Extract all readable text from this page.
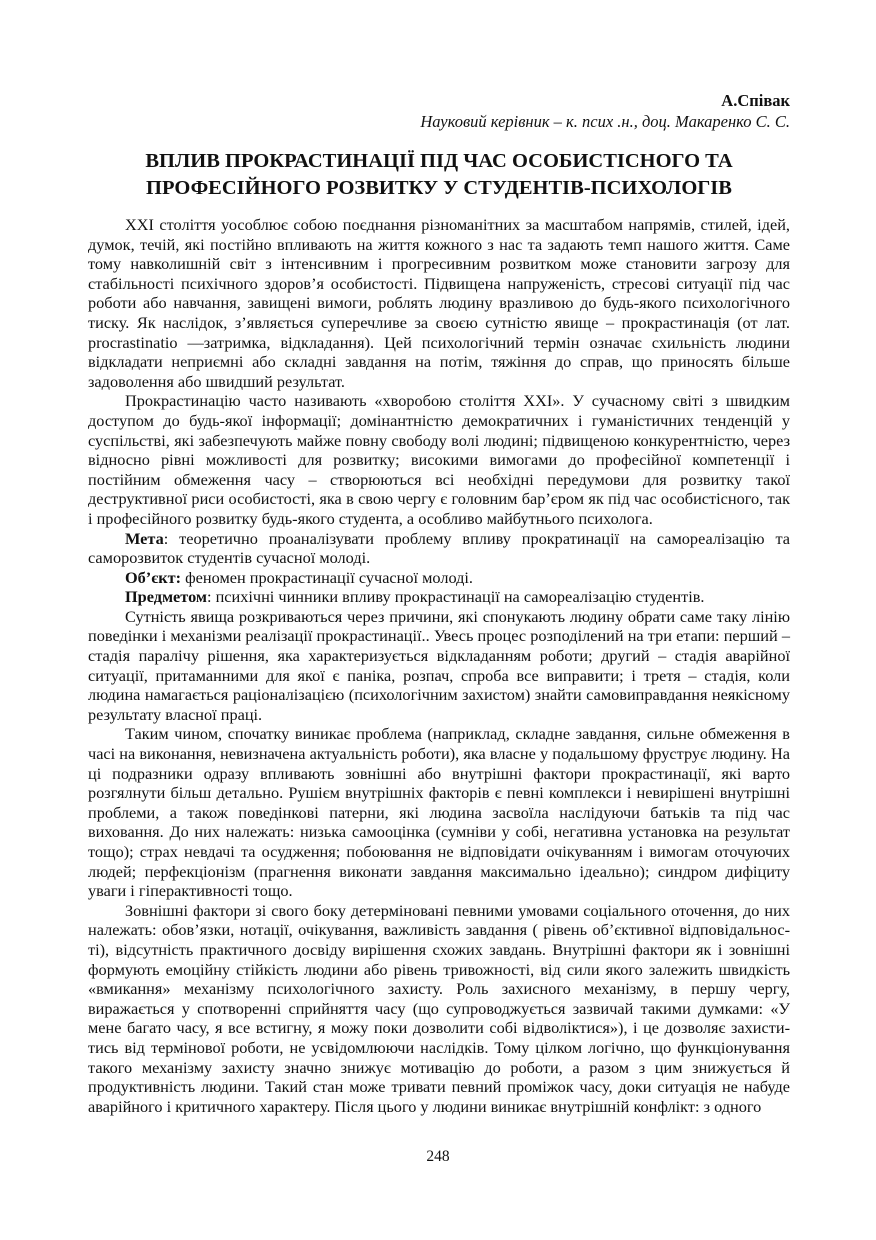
А.Співак
Науковий керівник – к. псих .н., доц. Макаренко С. С.
ВПЛИВ ПРОКРАСТИНАЦІЇ ПІД ЧАС ОСОБИСТІСНОГО ТА ПРОФЕСІЙНОГО РОЗВИТКУ У СТУДЕНТІВ-ПСИХОЛОГІВ

XXI століття уособлює собою поєднання різноманітних за масштабом напрямів, стилей, ідей, думок, течій, які постійно впливають на життя кожного з нас та задають темп нашого життя. Саме тому навколишній світ з інтенсивним і прогресивним розвитком може становити загрозу для стабільності психічного здоров’я особистості. Підвищена напруженість, стресові ситуації під час роботи або навчання, завищені вимоги, роблять людину вразливою до будь-якого психологічного тиску. Як наслідок, з’являється суперечливе за своєю сутністю явище – прокрастинація (от лат. procrastinatio —затримка, відкладання). Цей психологічний термін означає схильність людини відкладати неприємні або складні завдання на потім, тяжіння до справ, що приносять більше задоволення або швидший результат.

Прокрастинацію часто називають «хворобою століття XXI». У сучасному світі з швидким доступом до будь-якої інформації; домінантністю демократичних і гуманістичних тенденцій у суспільстві, які забезпечують майже повну свободу волі людині; підвищеною конкурентністю, через відносно рівні можливості для розвитку; високими вимогами до професійної компетенції і постійним обмеження часу – створюються всі необхідні передумови для розвитку такої деструктивної риси особистості, яка в свою чергу є головним бар’єром як під час особистісного, так і професійного розвитку будь-якого студента, а особливо майбутнього психолога.

Мета: теоретично проаналізувати проблему впливу прократинації на самореалізацію та саморозвиток студентів сучасної молоді.

Об’єкт: феномен прокрастинації сучасної молоді.

Предметом: психічні чинники впливу прокрастинації на самореалізацію студентів.

Сутність явища розкриваються через причини, які спонукають людину обрати саме таку лінію поведінки і механізми реалізації прокрастинації.. Увесь процес розподілений на три етапи: перший – стадія паралічу рішення, яка характеризується відкладанням роботи; другий – стадія аварійної ситуації, притаманними для якої є паніка, розпач, спроба все виправити; і третя – стадія, коли людина намагається раціоналізацією (психологічним захистом) знайти самовиправдання неякісному результату власної праці.

Таким чином, спочатку виникає проблема (наприклад, складне завдання, сильне обмеження в часі на виконання, невизначена актуальність роботи), яка власне у подальшому фруструє людину. На ці подразники одразу впливають зовнішні або внутрішні фактори прокрастинації, які варто розгялнути більш детально. Рушієм внутрішніх факторів є певні комплекси і невирішені внутрішні проблеми, а також поведінкові патерни, які людина засвоїла наслідуючи батьків та під час виховання. До них належать: низька самооцінка (сумніви у собі, негативна установка на результат тощо); страх невдачі та осудження; побоювання не відповідати очікуванням і вимогам оточуючих людей; перфекціонізм (прагнення виконати завдання максимально ідеально); синдром дифіциту уваги і гіперактивності тощо.

Зовнішні фактори зі свого боку детерміновані певними умовами соціального оточення, до них належать: обов’язки, нотації, очікування, важливість завдання ( рівень об’єктивної відповідальнос-ті), відсутність практичного досвіду вирішення схожих завдань. Внутрішні фактори як і зовнішні формують емоційну стійкість людини або рівень тривожності, від сили якого залежить швидкість «вмикання» механізму психологічного захисту. Роль захисного механізму, в першу чергу, виражається у спотворенні сприйняття часу (що супроводжується зазвичай такими думками: «У мене багато часу, я все встигну, я можу поки дозволити собі відволіктися»), і це дозволяє захисти-тись від термінової роботи, не усвідомлюючи наслідків. Тому цілком логічно, що функціонування такого механізму захисту значно знижує мотивацію до роботи, а разом з цим знижується й продуктивність людини. Такий стан може тривати певний проміжок часу, доки ситуація не набуде аварійного і критичного характеру. Після цього у людини виникає внутрішній конфлікт: з одного

248
